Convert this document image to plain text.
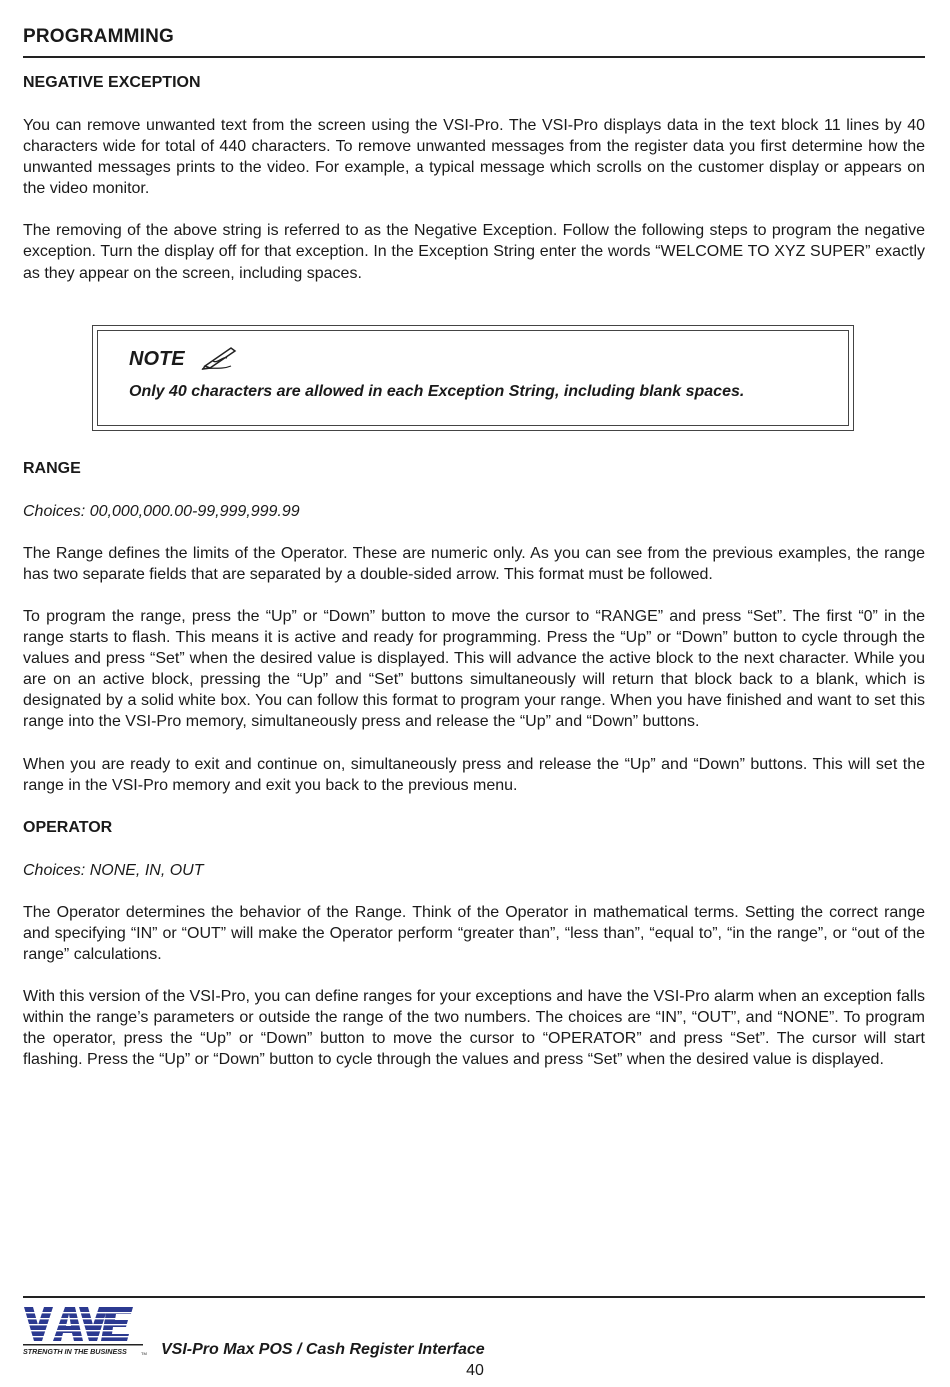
PROGRAMMING
NEGATIVE EXCEPTION

You can remove unwanted text from the screen using the VSI-Pro. The VSI-Pro displays data in the text block 11 lines by 40 characters wide for total of 440 characters. To remove unwanted messages from the register data you first determine how the unwanted messages prints to the video. For example, a typical message which scrolls on the customer display or appears on the video monitor.

The removing of the above string is referred to as the Negative Exception. Follow the following steps to program the negative exception. Turn the display off for that exception. In the Exception String enter the words “WELCOME TO XYZ SUPER” exactly as they appear on the screen, including spaces.

NOTE
Only 40 characters are allowed in each Exception String, including blank spaces.
RANGE

Choices: 00,000,000.00-99,999,999.99

The Range defines the limits of the Operator. These are numeric only. As you can see from the previous examples, the range has two separate fields that are separated by a double-sided arrow. This format must be followed.

To program the range, press the “Up” or “Down” button to move the cursor to “RANGE” and press “Set”. The first “0” in the range starts to flash. This means it is active and ready for programming. Press the “Up” or “Down” button to cycle through the values and press “Set” when the desired value is displayed. This will advance the active block to the next character. While you are on an active block, pressing the “Up” and “Set” buttons simultaneously will return that block back to a blank, which is designated by a solid white box. You can follow this format to program your range. When you have finished and want to set this range into the VSI-Pro memory, simultaneously press and release the “Up” and “Down” buttons.

When you are ready to exit and continue on, simultaneously press and release the “Up” and “Down” buttons. This will set the range in the VSI-Pro memory and exit you back to the previous menu.

OPERATOR

Choices: NONE, IN, OUT

The Operator determines the behavior of the Range. Think of the Operator in mathematical terms. Setting the correct range and specifying “IN” or “OUT” will make the Operator perform “greater than”, “less than”, “equal to”, “in the range”, or “out of the range” calculations.

With this version of the VSI-Pro, you can define ranges for your exceptions and have the VSI-Pro alarm when an exception falls within the range’s parameters or outside the range of the two numbers. The choices are “IN”, “OUT”, and “NONE”. To program the operator, press the “Up” or “Down” button to move the cursor to “OPERATOR” and press “Set”. The cursor will start flashing. Press the “Up” or “Down” button to cycle through the values and press “Set” when the desired value is displayed.

STRENGTH IN THE BUSINESS	TM VSI-Pro Max POS / Cash Register Interface
40
